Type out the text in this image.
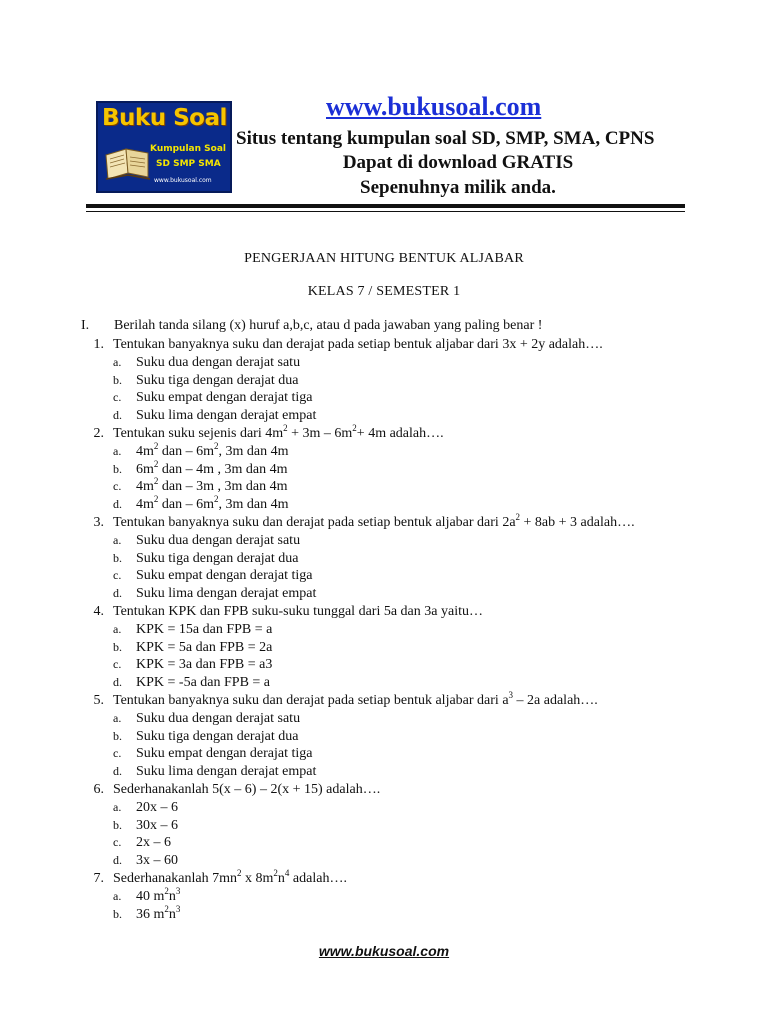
Buku Soal
Kumpulan Soal
SD SMP SMA
www.bukusoal.com
www.bukusoal.com
Situs tentang kumpulan soal SD, SMP, SMA, CPNS
Dapat di download GRATIS
Sepenuhnya milik anda.
PENGERJAAN HITUNG BENTUK ALJABAR
KELAS 7 / SEMESTER 1
I. Berilah tanda silang (x) huruf a,b,c, atau d pada jawaban yang paling benar !
1. Tentukan banyaknya suku dan derajat pada setiap bentuk aljabar dari 3x + 2y adalah….
a. Suku dua dengan derajat satu
b. Suku tiga dengan derajat dua
c. Suku empat dengan derajat tiga
d. Suku lima dengan derajat empat
2. Tentukan suku sejenis dari $4m^2 + 3m - 6m^2+ 4m$ adalah….
a. $4m^2$ dan – $6m^2$, 3m dan 4m
b. $6m^2$ dan – 4m , 3m dan 4m
c. $4m^2$ dan – 3m , 3m dan 4m
d. $4m^2$ dan – $6m^2$, 3m dan 4m
3. Tentukan banyaknya suku dan derajat pada setiap bentuk aljabar dari $2a^2 + 8ab + 3$ adalah….
a. Suku dua dengan derajat satu
b. Suku tiga dengan derajat dua
c. Suku empat dengan derajat tiga
d. Suku lima dengan derajat empat
4. Tentukan KPK dan FPB suku-suku tunggal dari 5a dan 3a yaitu…
a. KPK = 15a dan FPB = a
b. KPK = 5a dan FPB = 2a
c. KPK = 3a dan FPB = a3
d. KPK = -5a dan FPB = a
5. Tentukan banyaknya suku dan derajat pada setiap bentuk aljabar dari $a^3 - 2a$ adalah….
a. Suku dua dengan derajat satu
b. Suku tiga dengan derajat dua
c. Suku empat dengan derajat tiga
d. Suku lima dengan derajat empat
6. Sederhanakanlah 5(x – 6) – 2(x + 15) adalah….
a. 20x – 6
b. 30x – 6
c. 2x – 6
d. 3x – 60
7. Sederhanakanlah $7mn^2$ x $8m^2n^4$ adalah….
a. 40 $m^2n^3$
b. 36 $m^2n^3$
www.bukusoal.com
